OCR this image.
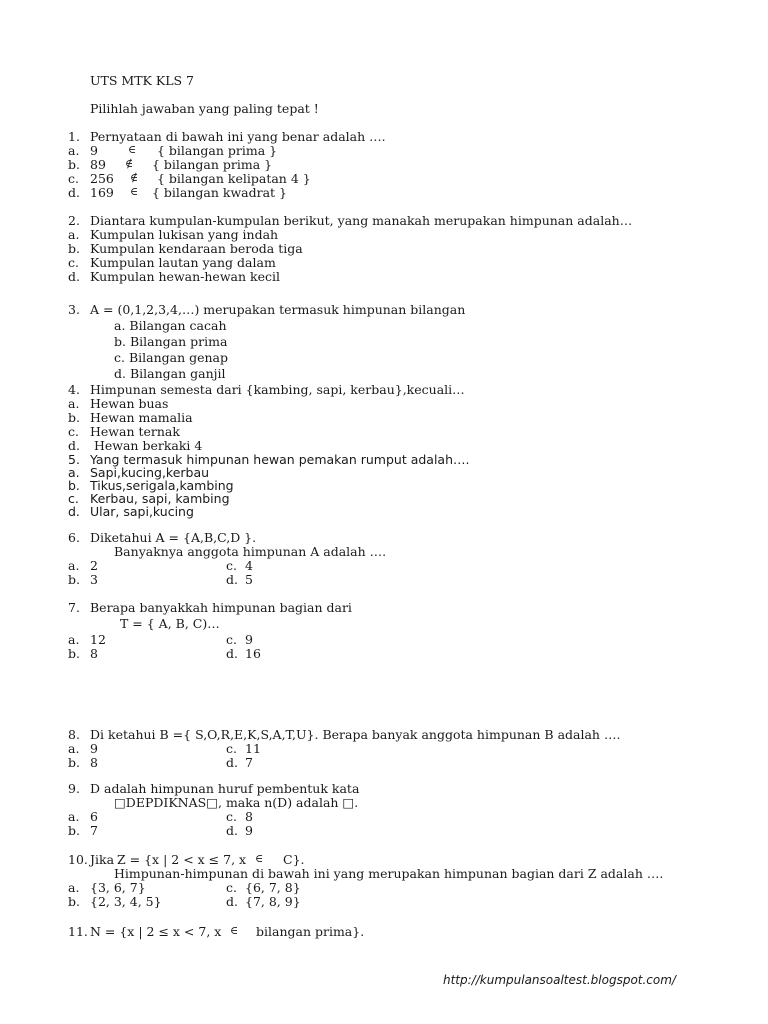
UTS MTK KLS 7
Pilihlah jawaban yang paling tepat !
1. Pernyataan di bawah ini yang benar adalah ….
a. 9	∈ { bilangan prima }
b. 89 ∉ { bilangan prima }
c. 256 ∉ { bilangan kelipatan 4 }
d. 169 ∈ { bilangan kwadrat }
2. Diantara kumpulan-kumpulan berikut, yang manakah merupakan himpunan adalah…
a. Kumpulan lukisan yang indah
b. Kumpulan kendaraan beroda tiga
c. Kumpulan lautan yang dalam
d. Kumpulan hewan-hewan kecil
3. A = (0,1,2,3,4,…) merupakan termasuk himpunan bilangan
a. Bilangan cacah
b. Bilangan prima
c. Bilangan genap
d. Bilangan ganjil
4. Himpunan semesta dari {kambing, sapi, kerbau},kecuali…
a. Hewan buas
b. Hewan mamalia
c. Hewan ternak
d. Hewan berkaki 4
5. Yang termasuk himpunan hewan pemakan rumput adalah….
a. Sapi,kucing,kerbau
b. Tikus,serigala,kambing
c. Kerbau, sapi, kambing
d. Ular, sapi,kucing
6. Diketahui A = {A,B,C,D }.
Banyaknya anggota himpunan A adalah ….
a. 2	c. 4
b. 3	d. 5
7. Berapa banyakkah himpunan bagian dari
T = { A, B, C)…
a. 12	c. 9
b. 8	d. 16
8. Di ketahui B ={ S,O,R,E,K,S,A,T,U}. Berapa banyak anggota himpunan B adalah ….
a. 9	c. 11
b. 8	d. 7
9. D adalah himpunan huruf pembentuk kata
□DEPDIKNAS□, maka n(D) adalah □.
a. 6	c. 8
b. 7	d. 9
10. Jika Z = {x | 2 < x ≤ 7, x ∈ C}.
Himpunan-himpunan di bawah ini yang merupakan himpunan bagian dari Z adalah ….
a. {3, 6, 7}	c. {6, 7, 8}
b. {2, 3, 4, 5}	d. {7, 8, 9}
11. N = {x | 2 ≤ x < 7, x ∈ bilangan prima}.
http://kumpulansoaltest.blogspot.com/
